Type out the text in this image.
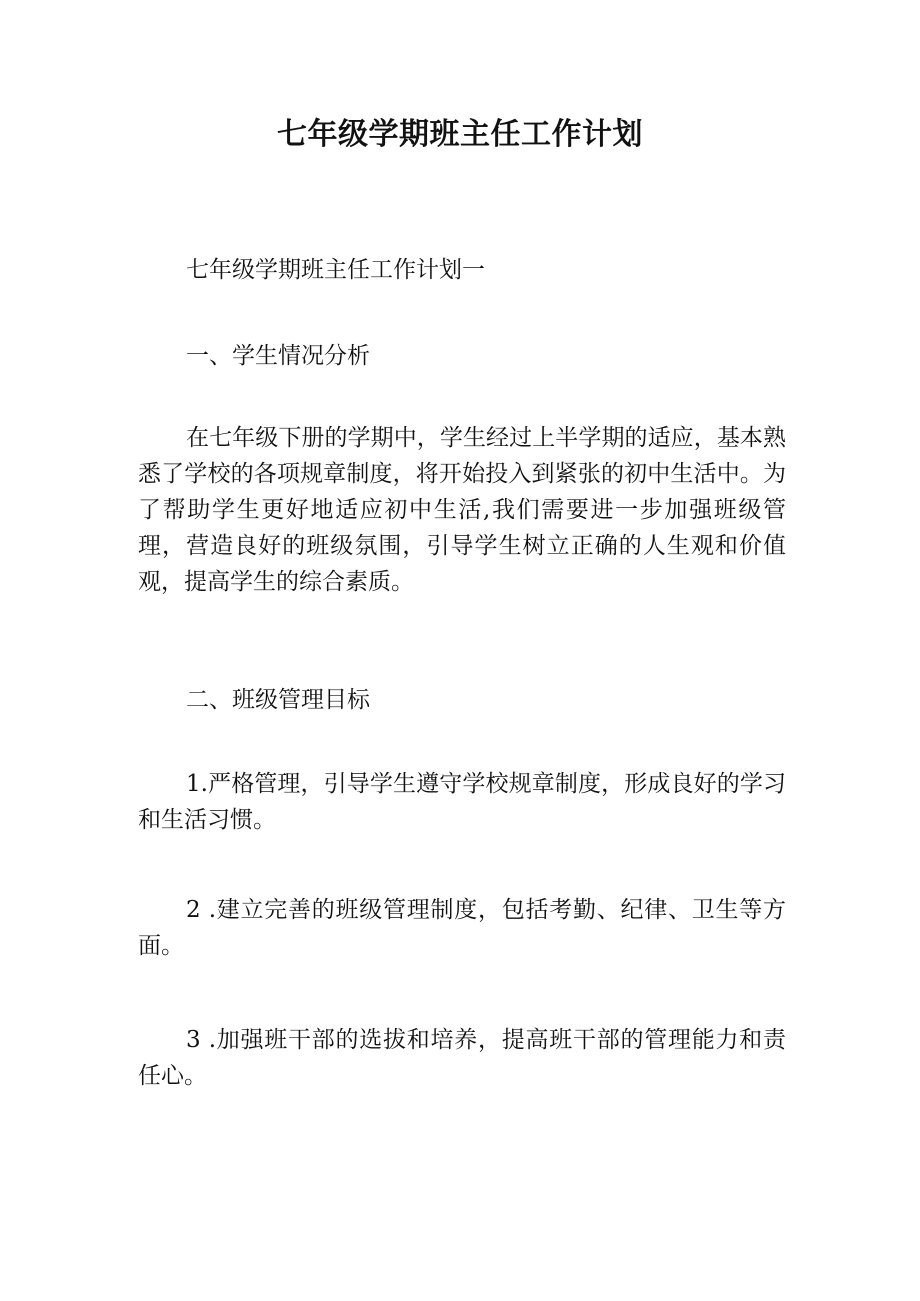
七年级学期班主任工作计划

七年级学期班主任工作计划一

一、学生情况分析

在七年级下册的学期中，学生经过上半学期的适应，基本熟悉了学校的各项规章制度，将开始投入到紧张的初中生活中。为了帮助学生更好地适应初中生活,我们需要进一步加强班级管理，营造良好的班级氛围，引导学生树立正确的人生观和价值观，提高学生的综合素质。

二、班级管理目标

1.严格管理，引导学生遵守学校规章制度，形成良好的学习和生活习惯。

2 .建立完善的班级管理制度，包括考勤、纪律、卫生等方面。

3 .加强班干部的选拔和培养，提高班干部的管理能力和责任心。
